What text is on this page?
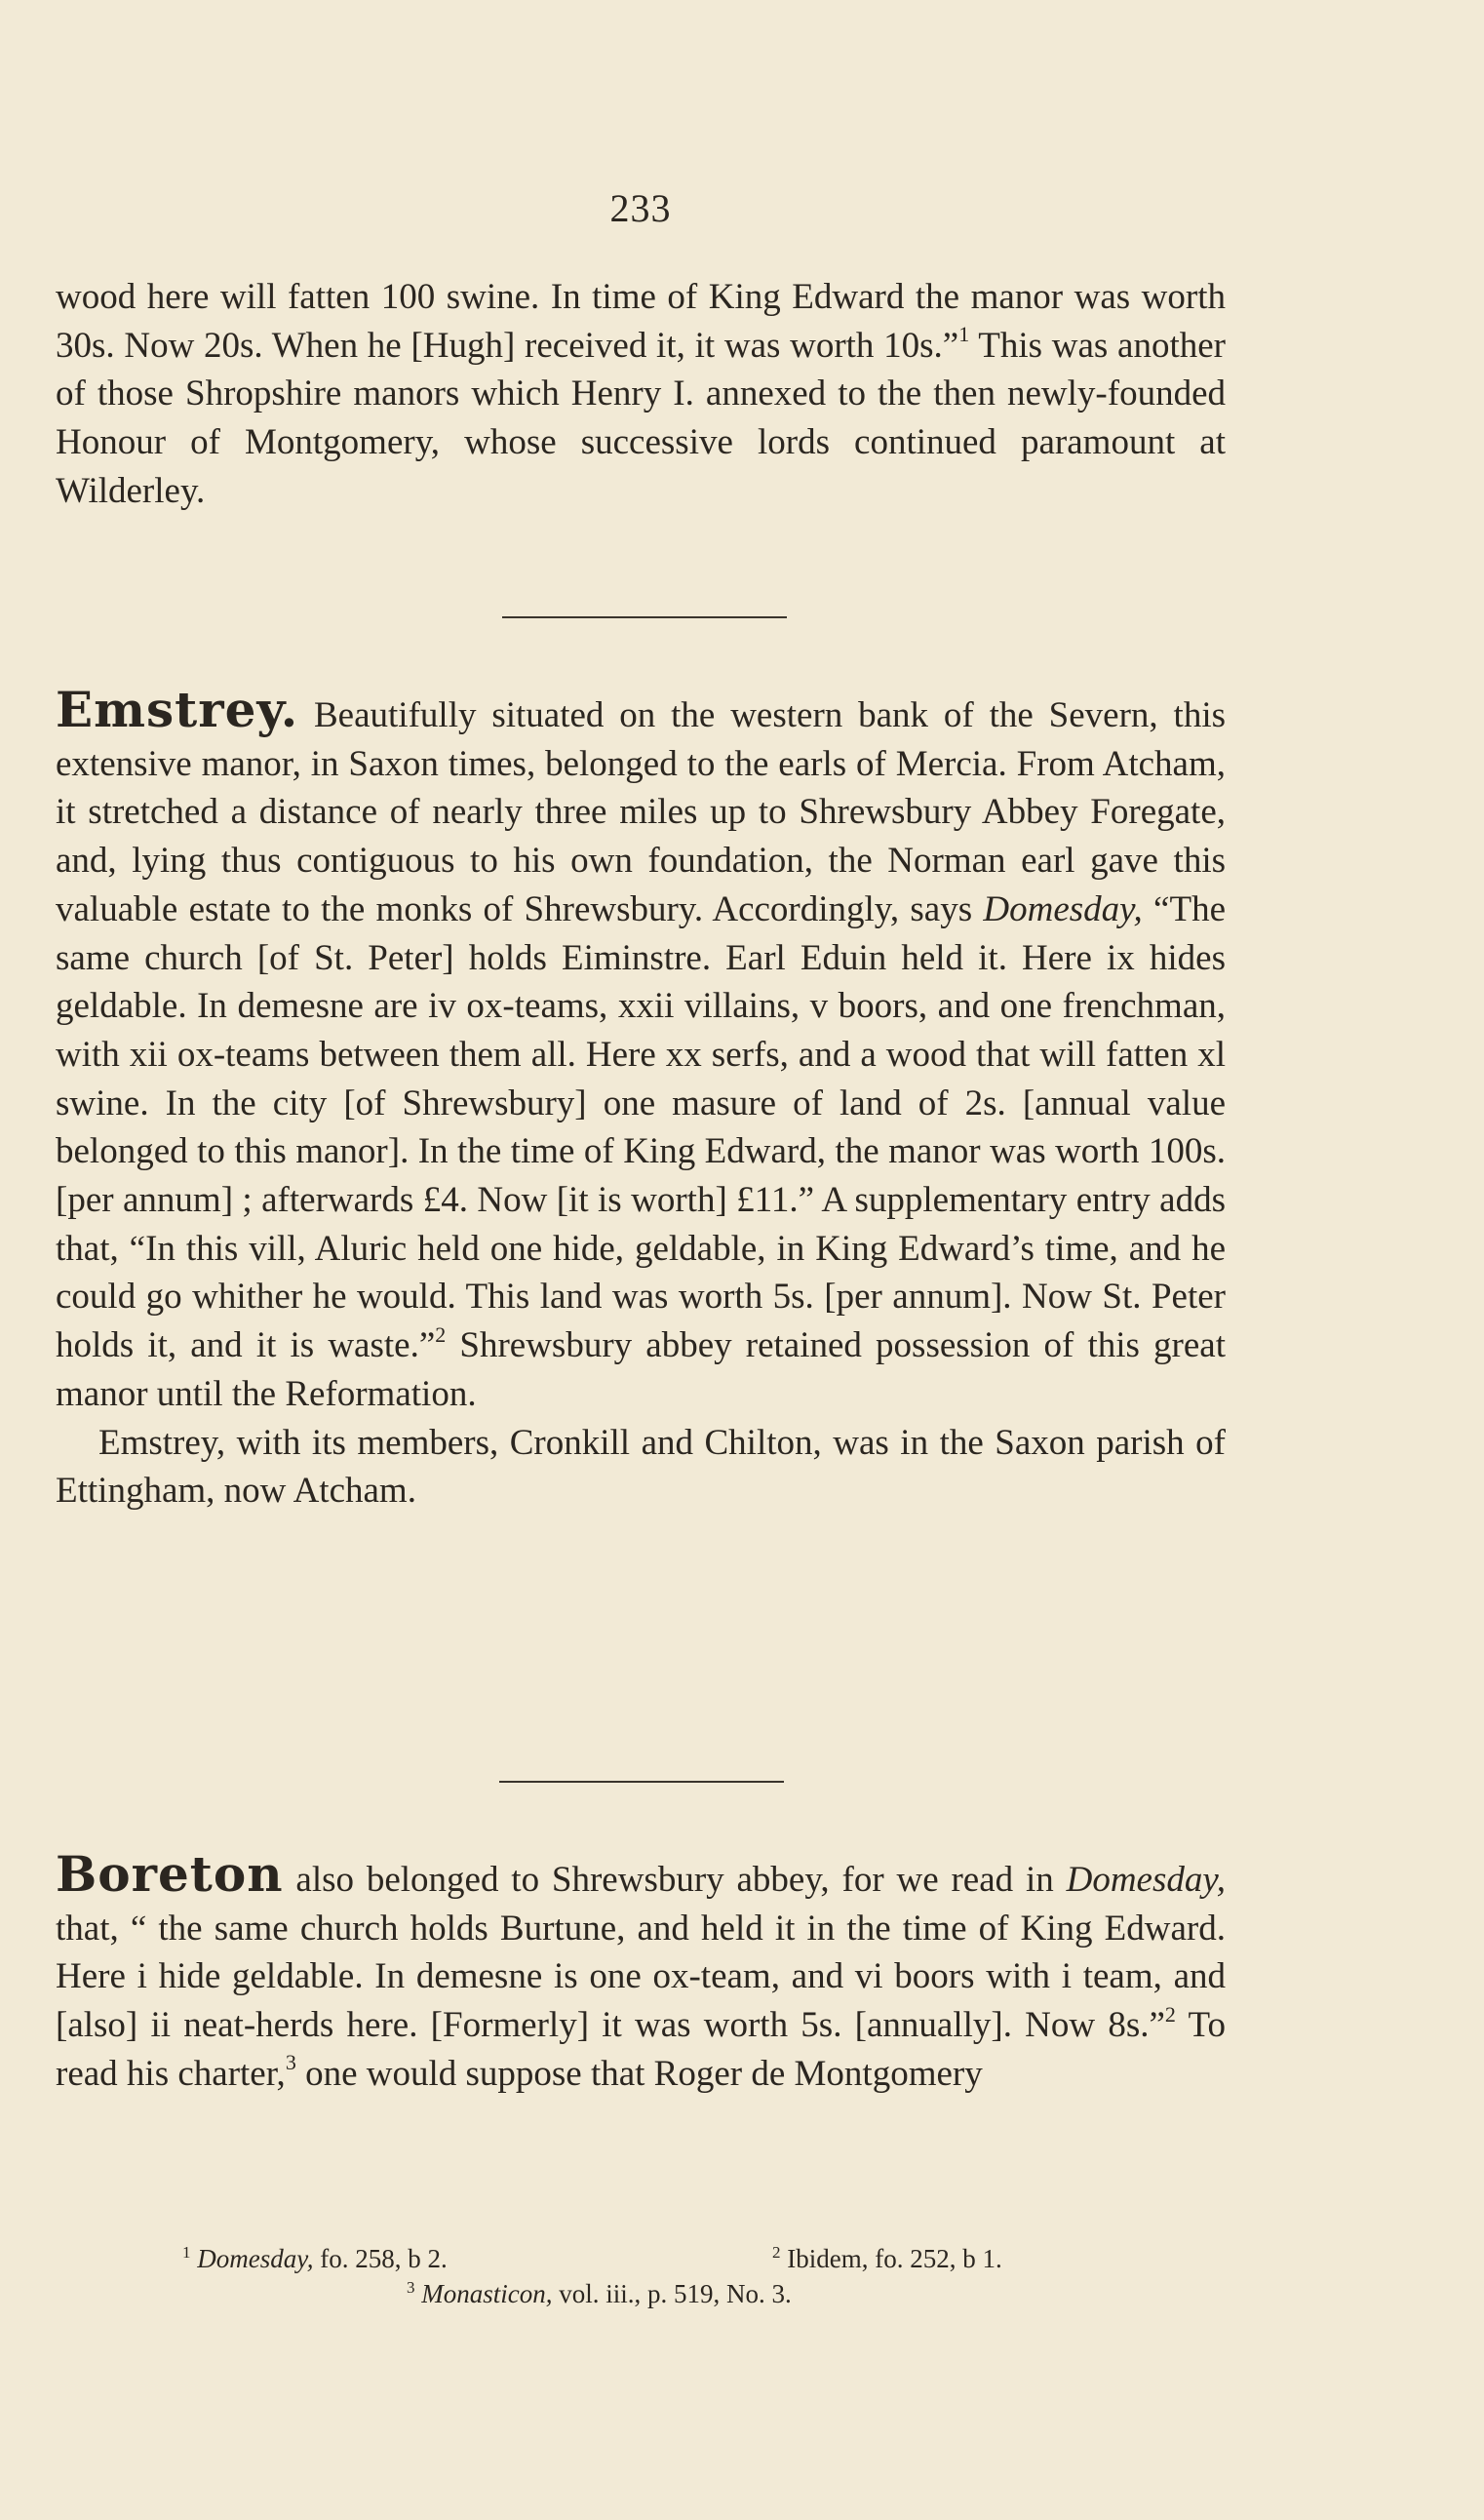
233

wood here will fatten 100 swine. In time of King Edward the manor was worth 30s. Now 20s. When he [Hugh] received it, it was worth 10s.”$^1$ This was another of those Shropshire manors which Henry I. annexed to the then newly-founded Honour of Montgomery, whose successive lords continued paramount at Wilderley.

Emstrey. Beautifully situated on the western bank of the Severn, this extensive manor, in Saxon times, belonged to the earls of Mercia. From Atcham, it stretched a distance of nearly three miles up to Shrewsbury Abbey Foregate, and, lying thus contiguous to his own foundation, the Norman earl gave this valuable estate to the monks of Shrewsbury. Accordingly, says Domesday, “The same church [of St. Peter] holds Eiminstre. Earl Eduin held it. Here ix hides geldable. In demesne are iv ox-teams, xxii villains, v boors, and one frenchman, with xii ox-teams between them all. Here xx serfs, and a wood that will fatten xl swine. In the city [of Shrewsbury] one masure of land of 2s. [annual value belonged to this manor]. In the time of King Edward, the manor was worth 100s. [per annum] ; afterwards £4. Now [it is worth] £11.” A supplementary entry adds that, “In this vill, Aluric held one hide, geldable, in King Edward’s time, and he could go whither he would. This land was worth 5s. [per annum]. Now St. Peter holds it, and it is waste.”$^2$ Shrewsbury abbey retained possession of this great manor until the Reformation.

Emstrey, with its members, Cronkill and Chilton, was in the Saxon parish of Ettingham, now Atcham.

Boreton also belonged to Shrewsbury abbey, for we read in Domesday, that, “ the same church holds Burtune, and held it in the time of King Edward. Here i hide geldable. In demesne is one ox-team, and vi boors with i team, and [also] ii neat-herds here. [Formerly] it was worth 5s. [annually]. Now 8s.”$^2$ To read his charter,$^3$ one would suppose that Roger de Montgomery

$^1$ Domesday, fo. 258, b 2.	$^2$ Ibidem, fo. 252, b 1.
$^3$ Monasticon, vol. iii., p. 519, No. 3.
